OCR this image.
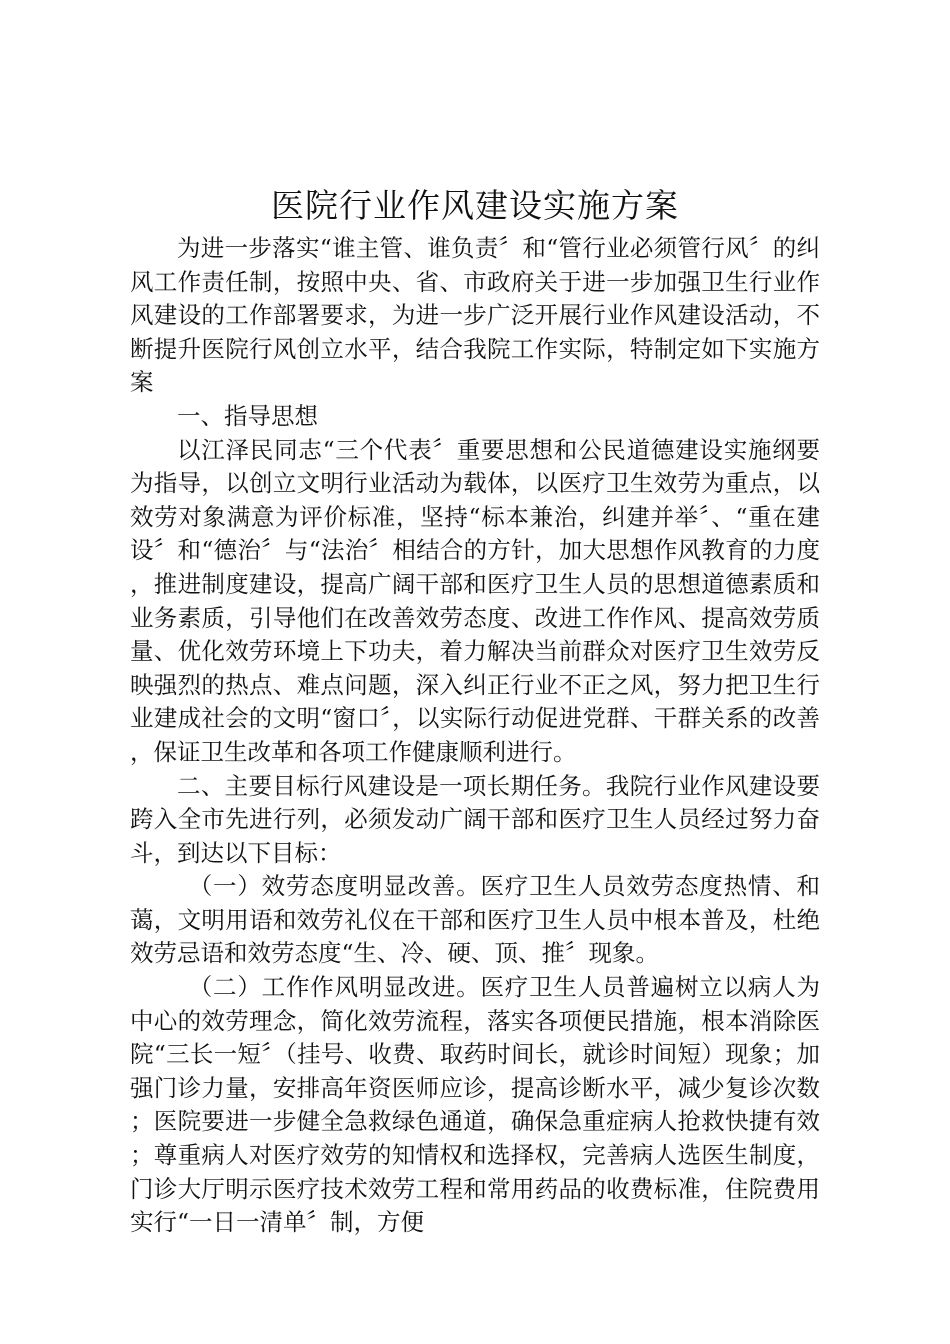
医院行业作风建设实施方案

为进一步落实“谁主管、谁负责〞和“管行业必须管行风〞的纠风工作责任制，按照中央、省、市政府关于进一步加强卫生行业作风建设的工作部署要求，为进一步广泛开展行业作风建设活动，不断提升医院行风创立水平，结合我院工作实际，特制定如下实施方案

一、指导思想

以江泽民同志“三个代表〞重要思想和公民道德建设实施纲要为指导，以创立文明行业活动为载体，以医疗卫生效劳为重点，以效劳对象满意为评价标准，坚持“标本兼治，纠建并举〞、“重在建设〞和“德治〞与“法治〞相结合的方针，加大思想作风教育的力度，推进制度建设，提高广阔干部和医疗卫生人员的思想道德素质和业务素质，引导他们在改善效劳态度、改进工作作风、提高效劳质量、优化效劳环境上下功夫，着力解决当前群众对医疗卫生效劳反映强烈的热点、难点问题，深入纠正行业不正之风，努力把卫生行业建成社会的文明“窗口〞，以实际行动促进党群、干群关系的改善，保证卫生改革和各项工作健康顺利进行。

二、主要目标行风建设是一项长期任务。我院行业作风建设要跨入全市先进行列，必须发动广阔干部和医疗卫生人员经过努力奋斗，到达以下目标：

（一）效劳态度明显改善。医疗卫生人员效劳态度热情、和蔼，文明用语和效劳礼仪在干部和医疗卫生人员中根本普及，杜绝效劳忌语和效劳态度“生、冷、硬、顶、推〞现象。

（二）工作作风明显改进。医疗卫生人员普遍树立以病人为中心的效劳理念，简化效劳流程，落实各项便民措施，根本消除医院“三长一短〞（挂号、收费、取药时间长，就诊时间短）现象；加强门诊力量，安排高年资医师应诊，提高诊断水平，减少复诊次数；医院要进一步健全急救绿色通道，确保急重症病人抢救快捷有效；尊重病人对医疗效劳的知情权和选择权，完善病人选医生制度，门诊大厅明示医疗技术效劳工程和常用药品的收费标准，住院费用实行“一日一清单〞制，方便
